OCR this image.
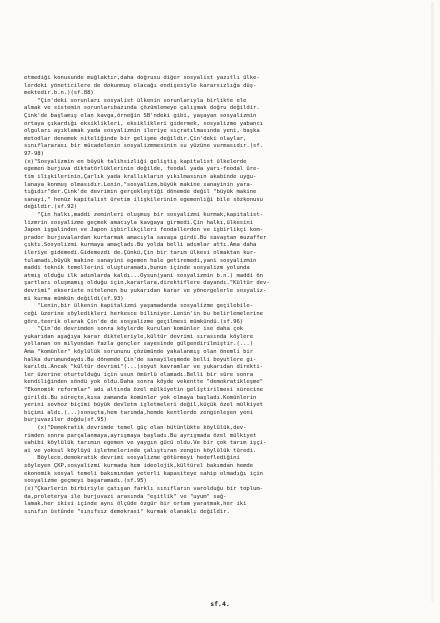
etmediği konusunde muğlaktır,daha doğrusu diğer sosyalist yazıtlı ülke-
lerdeki yöneticilere de dokunmuş olacağı endişesiyle kararsızlığa düş-
mektedir.b.n.)(sf.88)
"Çin'deki sorunları sosyalist ülkenin sorunlarıyla birlikte ele
almak ve sistemin sorunlarıbazında çözümlemeye çalışmak doğru değildir.
Çink'de başlamış olan kavga,örneğin SB'ndeki gibi, yaşayan sosyalizmin
ortaya çıkardığı eksiklikleri, eksiklikleri gidermek, sosyalizme yabancı
olguları ayıklamak yada sosyalizmin ileriye sıçratılmasında yeni, başka
metodlar denemek niteliğinde bir gelişme değildir.Çin'deki olaylar,
sınıflararası bir mücadelenin sosyalizmmesinin su yüzüne vurmasıdır.(sf.
97-98)
(x)"Sosyalizmin en büyük talihsizliği geliştiş kapitalist ülkelerde
egemen burjuva diktatörlüklerinin değilde, feodal yada yarı-feodal üre-
tim ilişkilerinin,Çarlık yada krallıkların yıkılmasının akabinde uygu-
lanaya konmuş olmasıdır.Lenin,"sosyalizm,büyük makine sanayinin yara-
tığıdır"der.Çink'de devrimin gerçekleştiği dönemde değil "büyük makine
sanayi," henüz kapitalist üretim ilişkilerinin egemenliği bile sözkonusu
değildir.(sf.92)
"Çin halkı,maddi zeminleri oluşmuş bir sosyalizmi kurmak,kapitalist-
lizmrin sosyalizme geçmek amacıyla kavgaya girmedi.Çin halkı,ülkesini
Japon işgalinden ve Japon işbirlikçileri feodallerden ve işbirlikçi kom-
prador burjuvalardan kurtarmak amacıyla savaşa girdi.Bu savaştan muzaffer
çıktı.Sosyolizmi kurmaya amaçladı.Bu yolda belli adımlar attı.Ama daha
ileriye gidemedi.Gidemezdi de.Çünkü,Çin bir tarım ülkesi olmaktan kur-
tulamadı,büyük makine sanayini egemen hale getiremedi,yani sosyalizmin
maddi teknik temellerini oluşturamadı,bunun içinde sosyalizm yolunda
atmış olduğu ilk adımlarda kaldı...Oysun(yani sosyalizmin b.n.) maddi ön
şartları oluşmamış olduğu için,kararlara,direktiflere dayandı."Kültür dev-
devrimi" ekseriste nitelenen bu yukarıdan karar ve yönergelerle sosyaliz-
mi kurma mümkün değildi(sf.93)
"Lenin,bir ülkenin kapitalizmi yaşamadanda sosyalizme geçilebile-
ceği üzerine söyledikleri herkesce biliniyor.Lenin'in bu belirlemelerine
göre,teorik olarak Çin'de de sosyalizme geçilmesi mümkündü.(sf.96)
"Çin'de devrimden sonra köylerde kurulan komünler ise daha çok
yukarıdan aşağıya karar dikteleriyle,kültür devrimi sırasında köylere
yollanan on milyondan fazla gençler sayesinde gülgendirilmiştir.(...)
Ama "komünler" köylülük sorununu çözümünde yakalanmış olan önemli bir
halka durumundaydı.Bu dönemde Çin'de sanayileşmede belli boyutlere gi-
karıldı.Ancak "kültür devrimi"(...)soyut kavramlar ve yukarıdan direkti-
ler üzerine oturtulduğu için usun ömürlü olamadı.Belli bir süre sonra
kendiliğinden söndü yok oldu.Daha sonra köyde vekentte "demokratikleşme"
"Ekonomik reformlar" adı altında özel mülkiyetin geliştirilmesi sürecine
girildi.Bu süreçte,kısa zamanda komünler yok olmaya başladı.Komünlerin
yerini sovhoz biçimi büyük devletm işletmeleri değil,küçük özel mülkiyet
biçimi aldı.(...)sonuçta,hem tarımda,hemde kentlerde zenginleşen yeni
burjuvaziler doğdu(sf.95)
(x)"Demokratik devrimde temel güç olan bütünlükte köylülük,dev-
rimden sonra parçalanmaya,ayrışmaya başladı.Bu ayrışmada özel mülkiyet
sahibi köylülük tarımın egemen ve yaygın gücü oldu.Ve bir çok tarım işçi-
ai ve yoksul köylüyü işletmelerinde çalıştıran zengin köylülük türedi.
Böylece,demokratik devrimi sosyalizme götürmeyi hedeflediğini
söyleyen ÇKP,sosyalizmi kurmada hem ideolojik,kültürel bakımdan hemde
ekonomik sosyal temeli bakımından yeterli kapasiteye sahip olmadığı için
sosyalizme geçmeyi başaramadı.(sf.95)
(x)"Çkarlerin birbiriyle çatışan farklı sınıfların varolduğu bir toplum-
da,proleterya ile burjuvazi arasında "eşitlik" ve "uyum" sağ-
lamak,her ikisi içinde aynı ölçüde özgür bir ortam yaratmak,her iki
sınıfın üstünde "sınıfsız demokrasi" kurmak olanaklı değildir.
sf.4.
